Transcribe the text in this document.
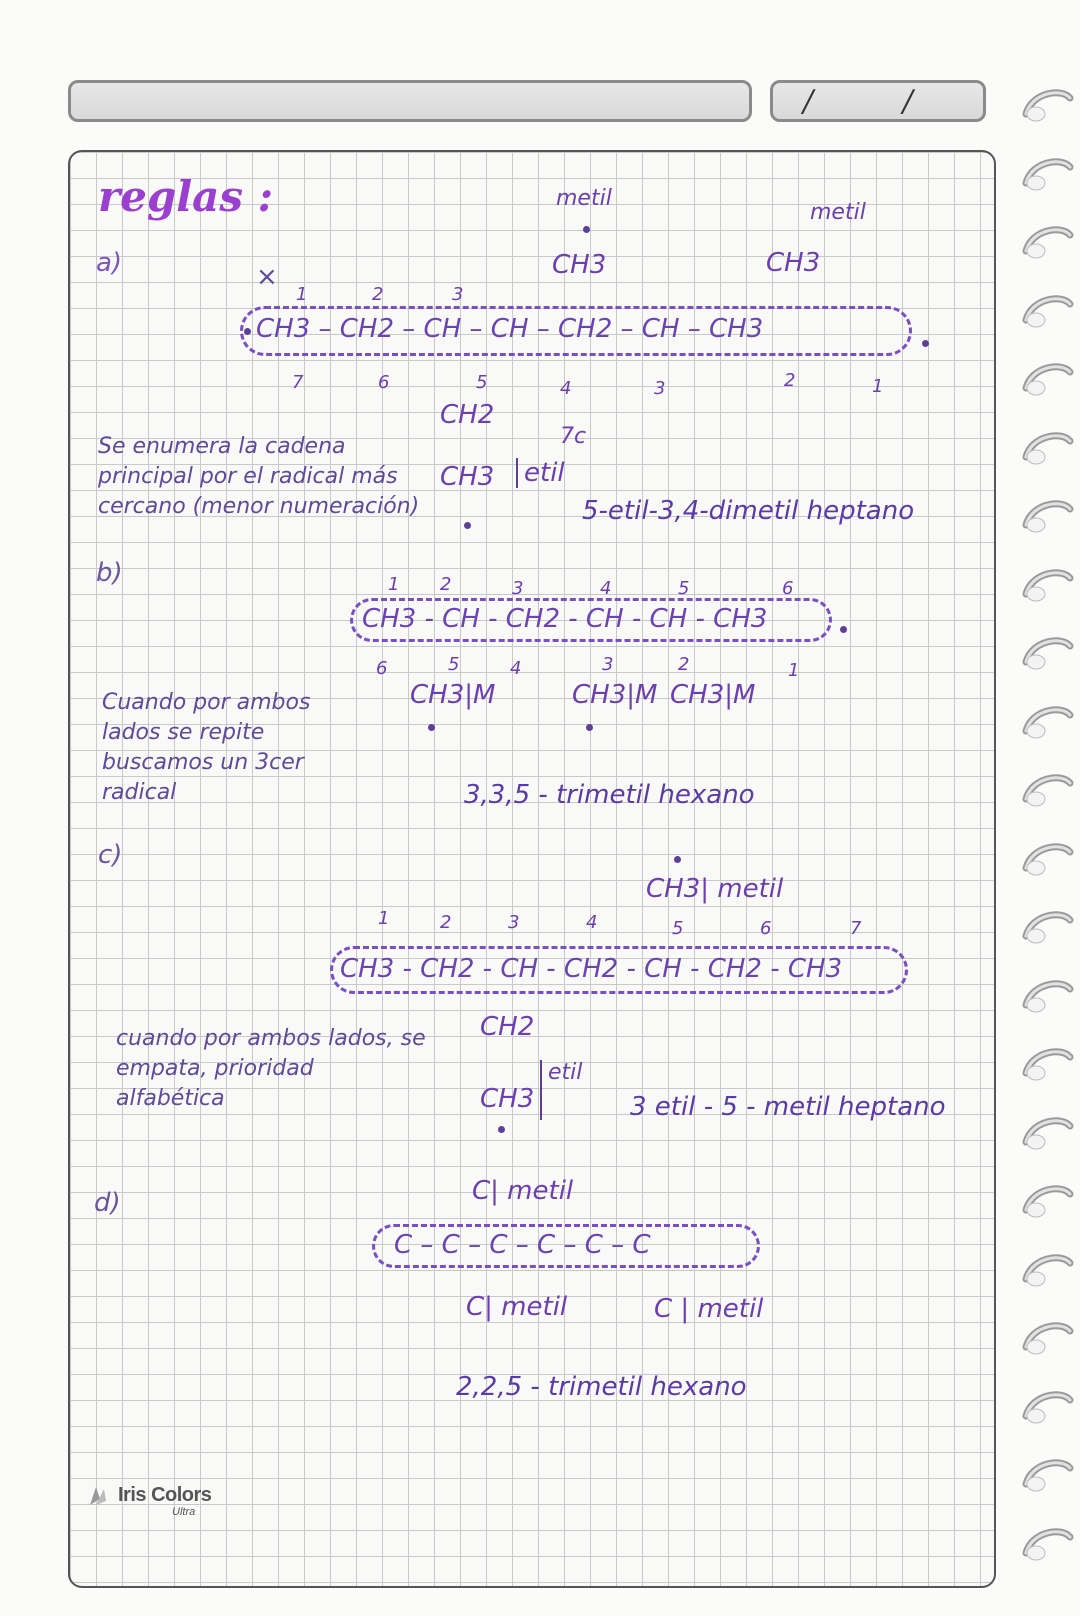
/ /
reglas :
a)	×
1	2	3
metil
CH3
metil
CH3
CH3 – CH2 – CH – CH – CH2 – CH – CH3
7	6	5	4	3	2	1
CH2
CH3	etil
7c
Se enumera la cadena principal por el radical más cercano (menor numeración)	5-etil-3,4-dimetil heptano
b)	1 2	3	4	5	6
CH3 - CH - CH2 - CH - CH - CH3
6	5	4	3	2	1
CH3|M	CH3|M CH3|M
Cuando por ambos lados se repite buscamos un 3cer radical	3,3,5 - trimetil hexano
c)
CH3| metil
1	2	3	4	5	6	7
CH3 - CH2 - CH - CH2 - CH - CH2 - CH3
CH2
CH3
etil
cuando por ambos lados, se empata, prioridad alfabética	3 etil - 5 - metil heptano
d)	C| metil
C – C – C – C – C – C
C| metil	C | metil
2,2,5 - trimetil hexano
Iris Colors
Ultra
